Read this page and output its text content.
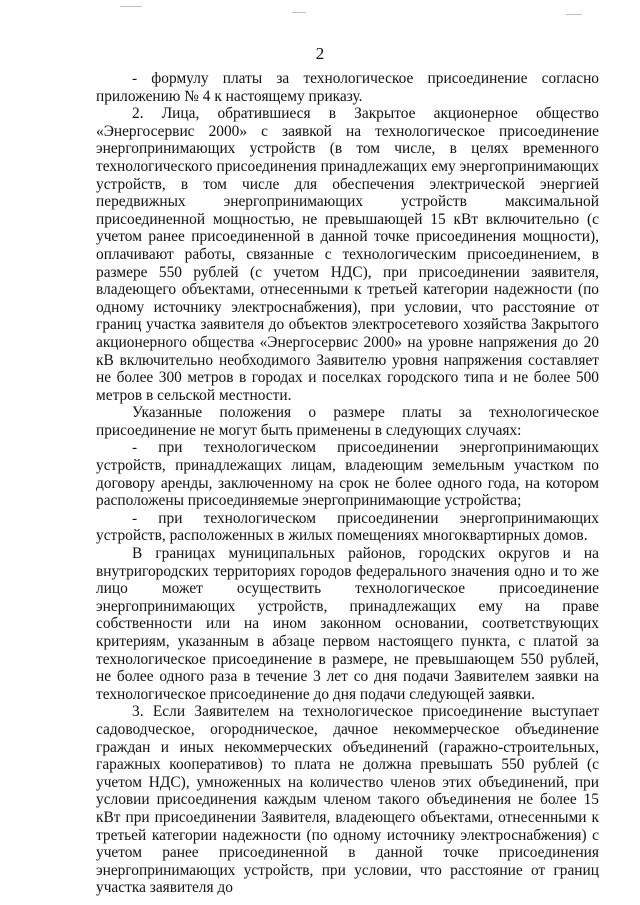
2

- формулу платы за технологическое присоединение согласно приложению № 4 к настоящему приказу.

2. Лица, обратившиеся в Закрытое акционерное общество «Энергосервис 2000» с заявкой на технологическое присоединение энергопринимающих устройств (в том числе, в целях временного технологического присоединения принадлежащих ему энергопринимающих устройств, в том числе для обеспечения электрической энергией передвижных энергопринимающих устройств максимальной присоединенной мощностью, не превышающей 15 кВт включительно (с учетом ранее присоединенной в данной точке присоединения мощности), оплачивают работы, связанные с технологическим присоединением, в размере 550 рублей (с учетом НДС), при присоединении заявителя, владеющего объектами, отнесенными к третьей категории надежности (по одному источнику электроснабжения), при условии, что расстояние от границ участка заявителя до объектов электросетевого хозяйства Закрытого акционерного общества «Энергосервис 2000» на уровне напряжения до 20 кВ включительно необходимого Заявителю уровня напряжения составляет не более 300 метров в городах и поселках городского типа и не более 500 метров в сельской местности.

Указанные положения о размере платы за технологическое присоединение не могут быть применены в следующих случаях:

- при технологическом присоединении энергопринимающих устройств, принадлежащих лицам, владеющим земельным участком по договору аренды, заключенному на срок не более одного года, на котором расположены присоединяемые энергопринимающие устройства;

- при технологическом присоединении энергопринимающих устройств, расположенных в жилых помещениях многоквартирных домов.

В границах муниципальных районов, городских округов и на внутригородских территориях городов федерального значения одно и то же лицо может осуществить технологическое присоединение энергопринимающих устройств, принадлежащих ему на праве собственности или на ином законном основании, соответствующих критериям, указанным в абзаце первом настоящего пункта, с платой за технологическое присоединение в размере, не превышающем 550 рублей, не более одного раза в течение 3 лет со дня подачи Заявителем заявки на технологическое присоединение до дня подачи следующей заявки.

3. Если Заявителем на технологическое присоединение выступает садоводческое, огородническое, дачное некоммерческое объединение граждан и иных некоммерческих объединений (гаражно-строительных, гаражных кооперативов) то плата не должна превышать 550 рублей (с учетом НДС), умноженных на количество членов этих объединений, при условии присоединения каждым членом такого объединения не более 15 кВт при присоединении Заявителя, владеющего объектами, отнесенными к третьей категории надежности (по одному источнику электроснабжения) с учетом ранее присоединенной в данной точке присоединения энергопринимающих устройств, при условии, что расстояние от границ участка заявителя до
